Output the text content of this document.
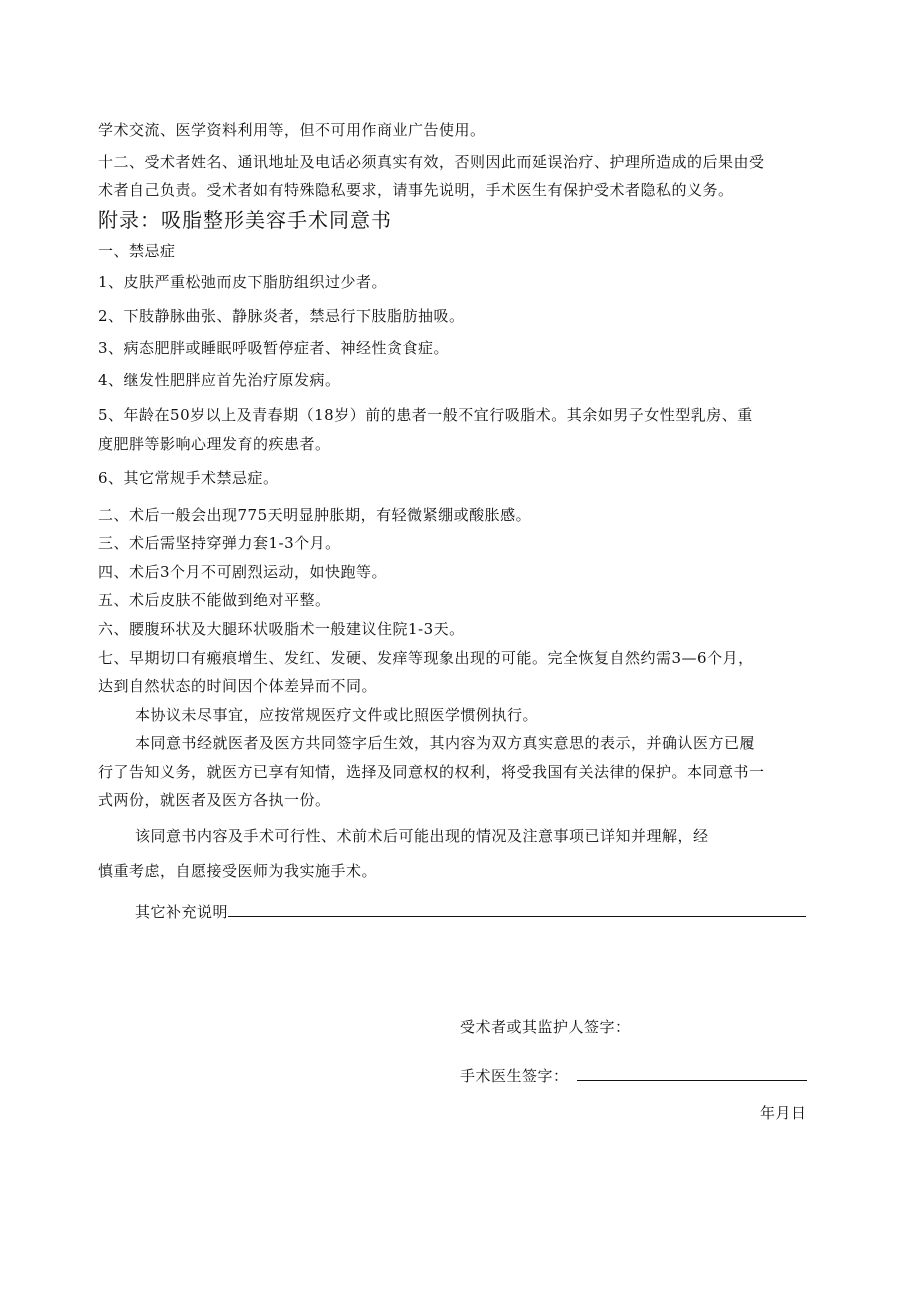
学术交流、医学资料利用等，但不可用作商业广告使用。
十二、受术者姓名、通讯地址及电话必须真实有效，否则因此而延误治疗、护理所造成的后果由受
术者自己负责。受术者如有特殊隐私要求，请事先说明，手术医生有保护受术者隐私的义务。
附录：吸脂整形美容手术同意书
一、禁忌症
1、皮肤严重松弛而皮下脂肪组织过少者。
2、下肢静脉曲张、静脉炎者，禁忌行下肢脂肪抽吸。
3、病态肥胖或睡眠呼吸暂停症者、神经性贪食症。
4、继发性肥胖应首先治疗原发病。
5、年龄在50岁以上及青春期（18岁）前的患者一般不宜行吸脂术。其余如男子女性型乳房、重
度肥胖等影响心理发育的疾患者。
6、其它常规手术禁忌症。
二、术后一般会出现775天明显肿胀期，有轻微紧绷或酸胀感。
三、术后需坚持穿弹力套1-3个月。
四、术后3个月不可剧烈运动，如快跑等。
五、术后皮肤不能做到绝对平整。
六、腰腹环状及大腿环状吸脂术一般建议住院1-3天。
七、早期切口有瘢痕增生、发红、发硬、发痒等现象出现的可能。完全恢复自然约需3—6个月，
达到自然状态的时间因个体差异而不同。
本协议未尽事宜，应按常规医疗文件或比照医学惯例执行。
本同意书经就医者及医方共同签字后生效，其内容为双方真实意思的表示，并确认医方已履
行了告知义务，就医方已享有知情，选择及同意权的权利，将受我国有关法律的保护。本同意书一
式两份，就医者及医方各执一份。
该同意书内容及手术可行性、术前术后可能出现的情况及注意事项已详知并理解，经
慎重考虑，自愿接受医师为我实施手术。
其它补充说明
受术者或其监护人签字：
手术医生签字：
年月日
